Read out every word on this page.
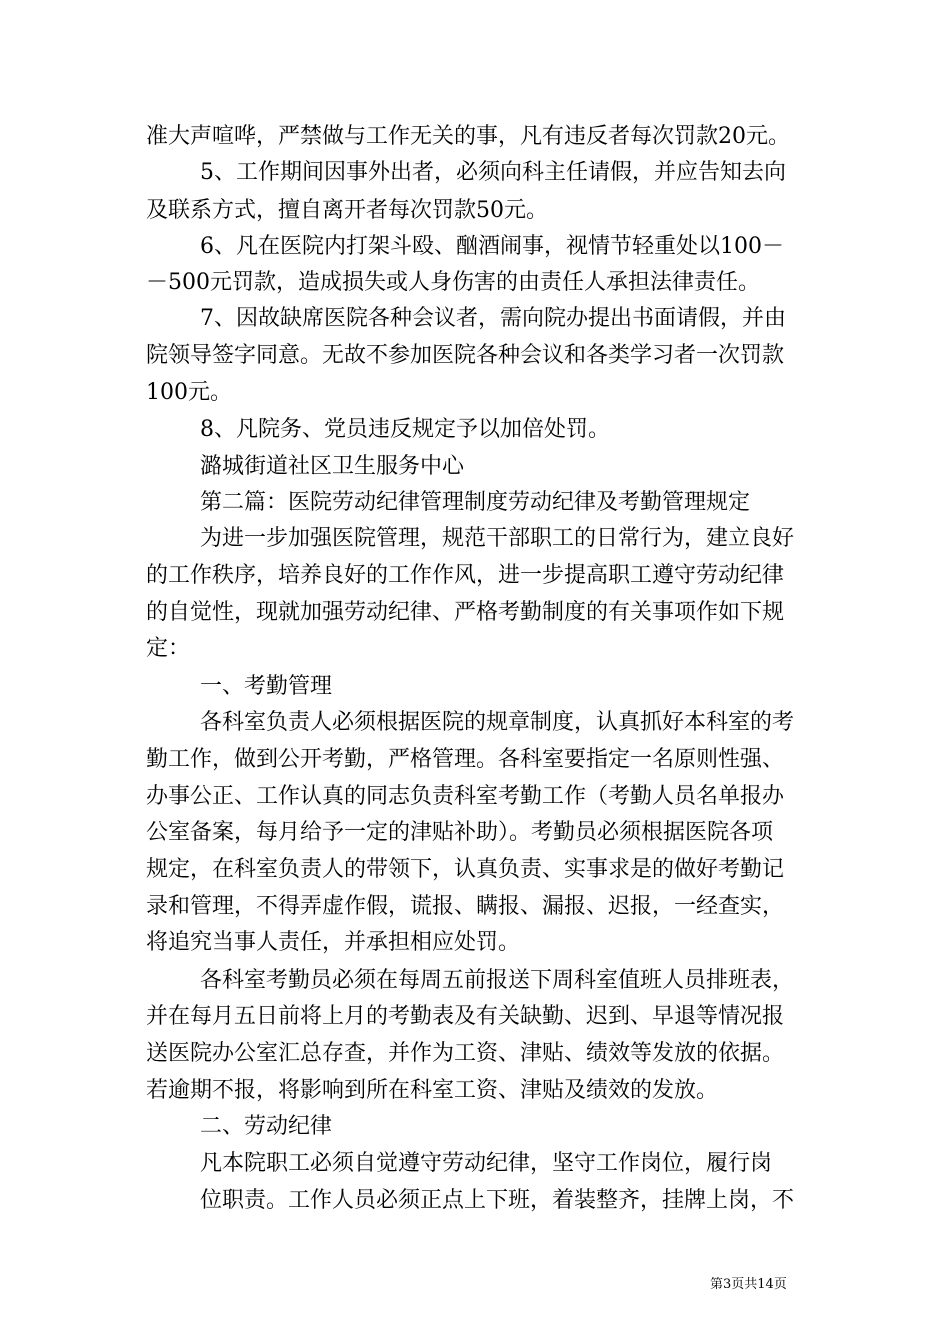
准大声喧哗，严禁做与工作无关的事，凡有违反者每次罚款20元。
5、工作期间因事外出者，必须向科主任请假，并应告知去向
及联系方式，擅自离开者每次罚款50元。
6、凡在医院内打架斗殴、酗酒闹事，视情节轻重处以100－
－500元罚款，造成损失或人身伤害的由责任人承担法律责任。
7、因故缺席医院各种会议者，需向院办提出书面请假，并由
院领导签字同意。无故不参加医院各种会议和各类学习者一次罚款
100元。
8、凡院务、党员违反规定予以加倍处罚。
潞城街道社区卫生服务中心
第二篇：医院劳动纪律管理制度劳动纪律及考勤管理规定
为进一步加强医院管理，规范干部职工的日常行为，建立良好
的工作秩序，培养良好的工作作风，进一步提高职工遵守劳动纪律
的自觉性，现就加强劳动纪律、严格考勤制度的有关事项作如下规
定：
一、考勤管理
各科室负责人必须根据医院的规章制度，认真抓好本科室的考
勤工作，做到公开考勤，严格管理。各科室要指定一名原则性强、
办事公正、工作认真的同志负责科室考勤工作（考勤人员名单报办
公室备案，每月给予一定的津贴补助）。考勤员必须根据医院各项
规定，在科室负责人的带领下，认真负责、实事求是的做好考勤记
录和管理，不得弄虚作假，谎报、瞒报、漏报、迟报，一经查实，
将追究当事人责任，并承担相应处罚。
各科室考勤员必须在每周五前报送下周科室值班人员排班表，
并在每月五日前将上月的考勤表及有关缺勤、迟到、早退等情况报
送医院办公室汇总存查，并作为工资、津贴、绩效等发放的依据。
若逾期不报，将影响到所在科室工资、津贴及绩效的发放。
二、劳动纪律
凡本院职工必须自觉遵守劳动纪律，坚守工作岗位，履行岗
位职责。工作人员必须正点上下班，着装整齐，挂牌上岗，不
第3页共14页
